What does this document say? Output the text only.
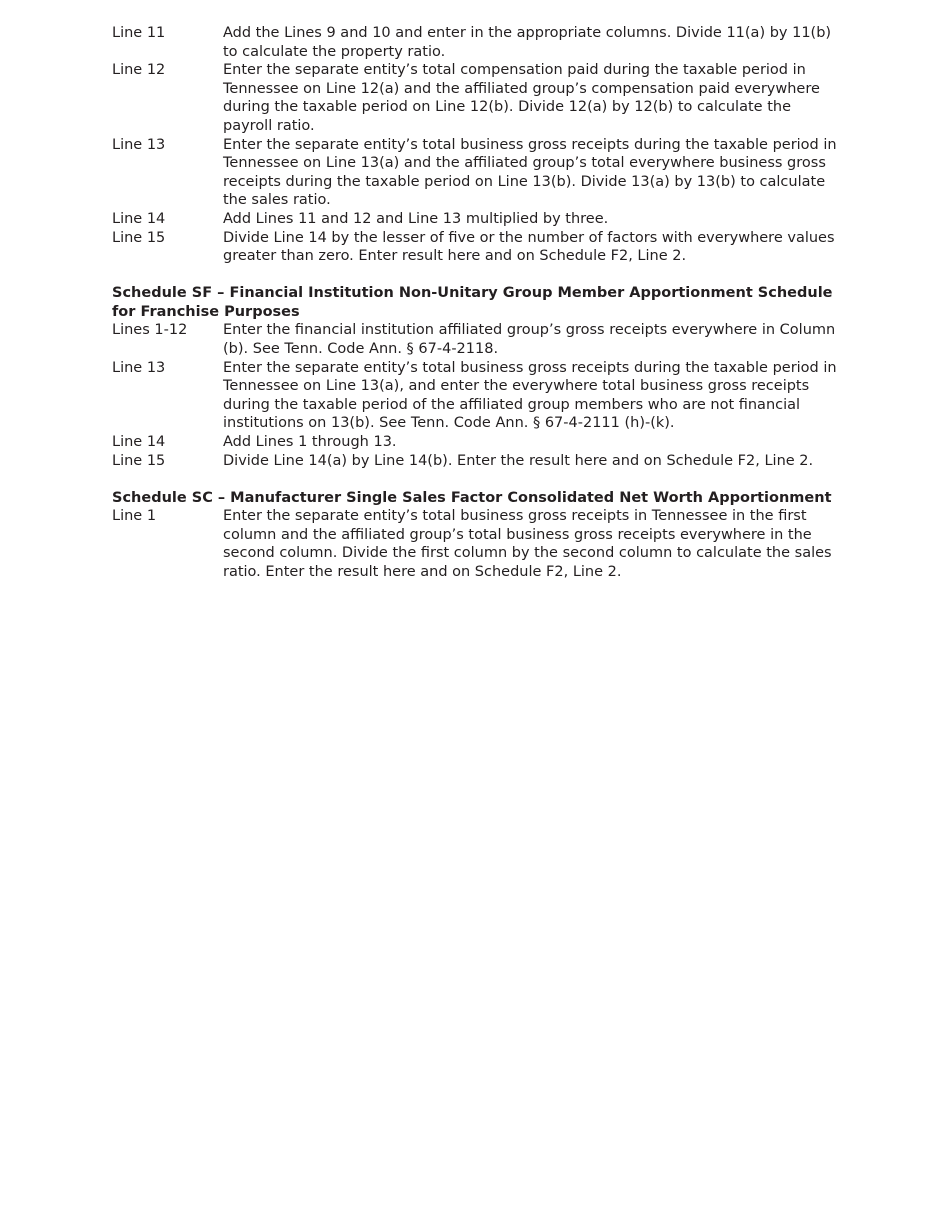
Line 11	Add the Lines 9 and 10 and enter in the appropriate columns. Divide 11(a) by 11(b) to calculate the property ratio.
Line 12	Enter the separate entity’s total compensation paid during the taxable period in Tennessee on Line 12(a) and the affiliated group’s compensation paid everywhere during the taxable period on Line 12(b). Divide 12(a) by 12(b) to calculate the payroll ratio.
Line 13	Enter the separate entity’s total business gross receipts during the taxable period in Tennessee on Line 13(a) and the affiliated group’s total everywhere business gross receipts during the taxable period on Line 13(b). Divide 13(a) by 13(b) to calculate the sales ratio.
Line 14	Add Lines 11 and 12 and Line 13 multiplied by three.
Line 15	Divide Line 14 by the lesser of five or the number of factors with everywhere values greater than zero. Enter result here and on Schedule F2, Line 2.
Schedule SF – Financial Institution Non-Unitary Group Member Apportionment Schedule for Franchise Purposes
Lines 1-12	Enter the financial institution affiliated group’s gross receipts everywhere in Column (b). See Tenn. Code Ann. § 67-4-2118.
Line 13	Enter the separate entity’s total business gross receipts during the taxable period in Tennessee on Line 13(a), and enter the everywhere total business gross receipts during the taxable period of the affiliated group members who are not financial institutions on 13(b). See Tenn. Code Ann. § 67-4-2111 (h)-(k).
Line 14	Add Lines 1 through 13.
Line 15	Divide Line 14(a) by Line 14(b). Enter the result here and on Schedule F2, Line 2.
Schedule SC – Manufacturer Single Sales Factor Consolidated Net Worth Apportionment
Line 1	Enter the separate entity’s total business gross receipts in Tennessee in the first column and the affiliated group’s total business gross receipts everywhere in the second column. Divide the first column by the second column to calculate the sales ratio. Enter the result here and on Schedule F2, Line 2.
